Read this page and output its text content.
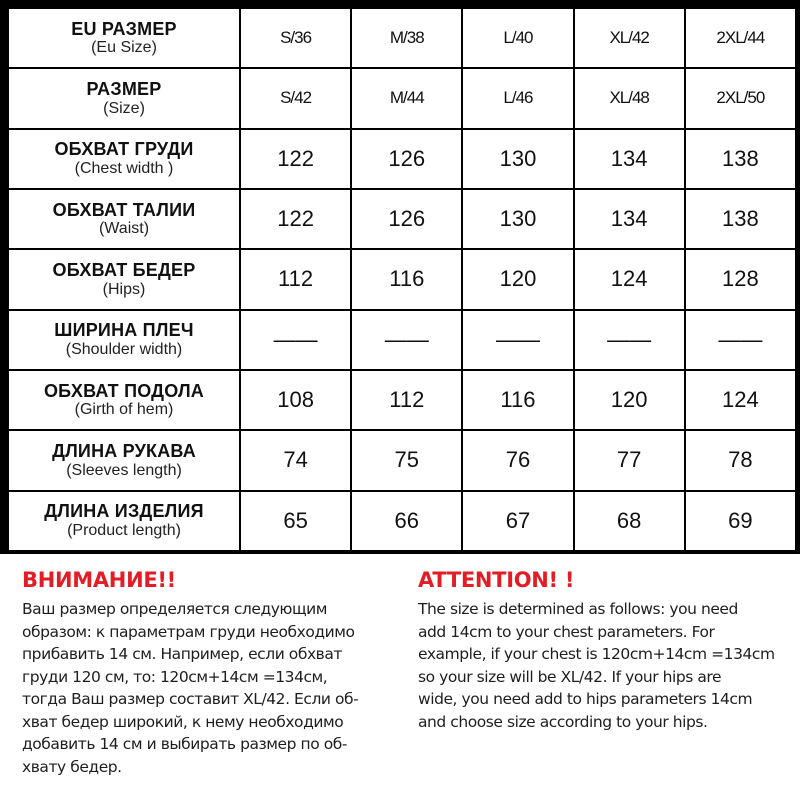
EU РАЗМЕР
(Eu Size)	S/36	M/38	L/40	XL/42	2XL/44

РАЗМЕР
(Size)	S/42	M/44	L/46	XL/48	2XL/50

ОБХВАТ ГРУДИ
(Chest width )	122	126	130	134	138

ОБХВАТ ТАЛИИ
(Waist)	122	126	130	134	138

ОБХВАТ БЕДЕР
(Hips)	112	116	120	124	128

ШИРИНА ПЛЕЧ
(Shoulder width)	——	——	——	——	——

ОБХВАТ ПОДОЛА
(Girth of hem)	108	112	116	120	124

ДЛИНА РУКАВА
(Sleeves length)	74	75	76	77	78

ДЛИНА ИЗДЕЛИЯ
(Product length)	65	66	67	68	69
ВНИМАНИЕ!!

Ваш размер определяется следующим
образом: к параметрам груди необходимо
прибавить 14 см. Например, если обхват
груди 120 см, то: 120см+14см =134см,
тогда Ваш размер составит XL/42. Если об-
хват бедер широкий, к нему необходимо
добавить 14 см и выбирать размер по об-
хвату бедер.

ATTENTION! !

The size is determined as follows: you need
add 14cm to your chest parameters. For
example, if your chest is 120cm+14cm =134cm
so your size will be XL/42. If your hips are
wide, you need add to hips parameters 14cm
and choose size according to your hips.
